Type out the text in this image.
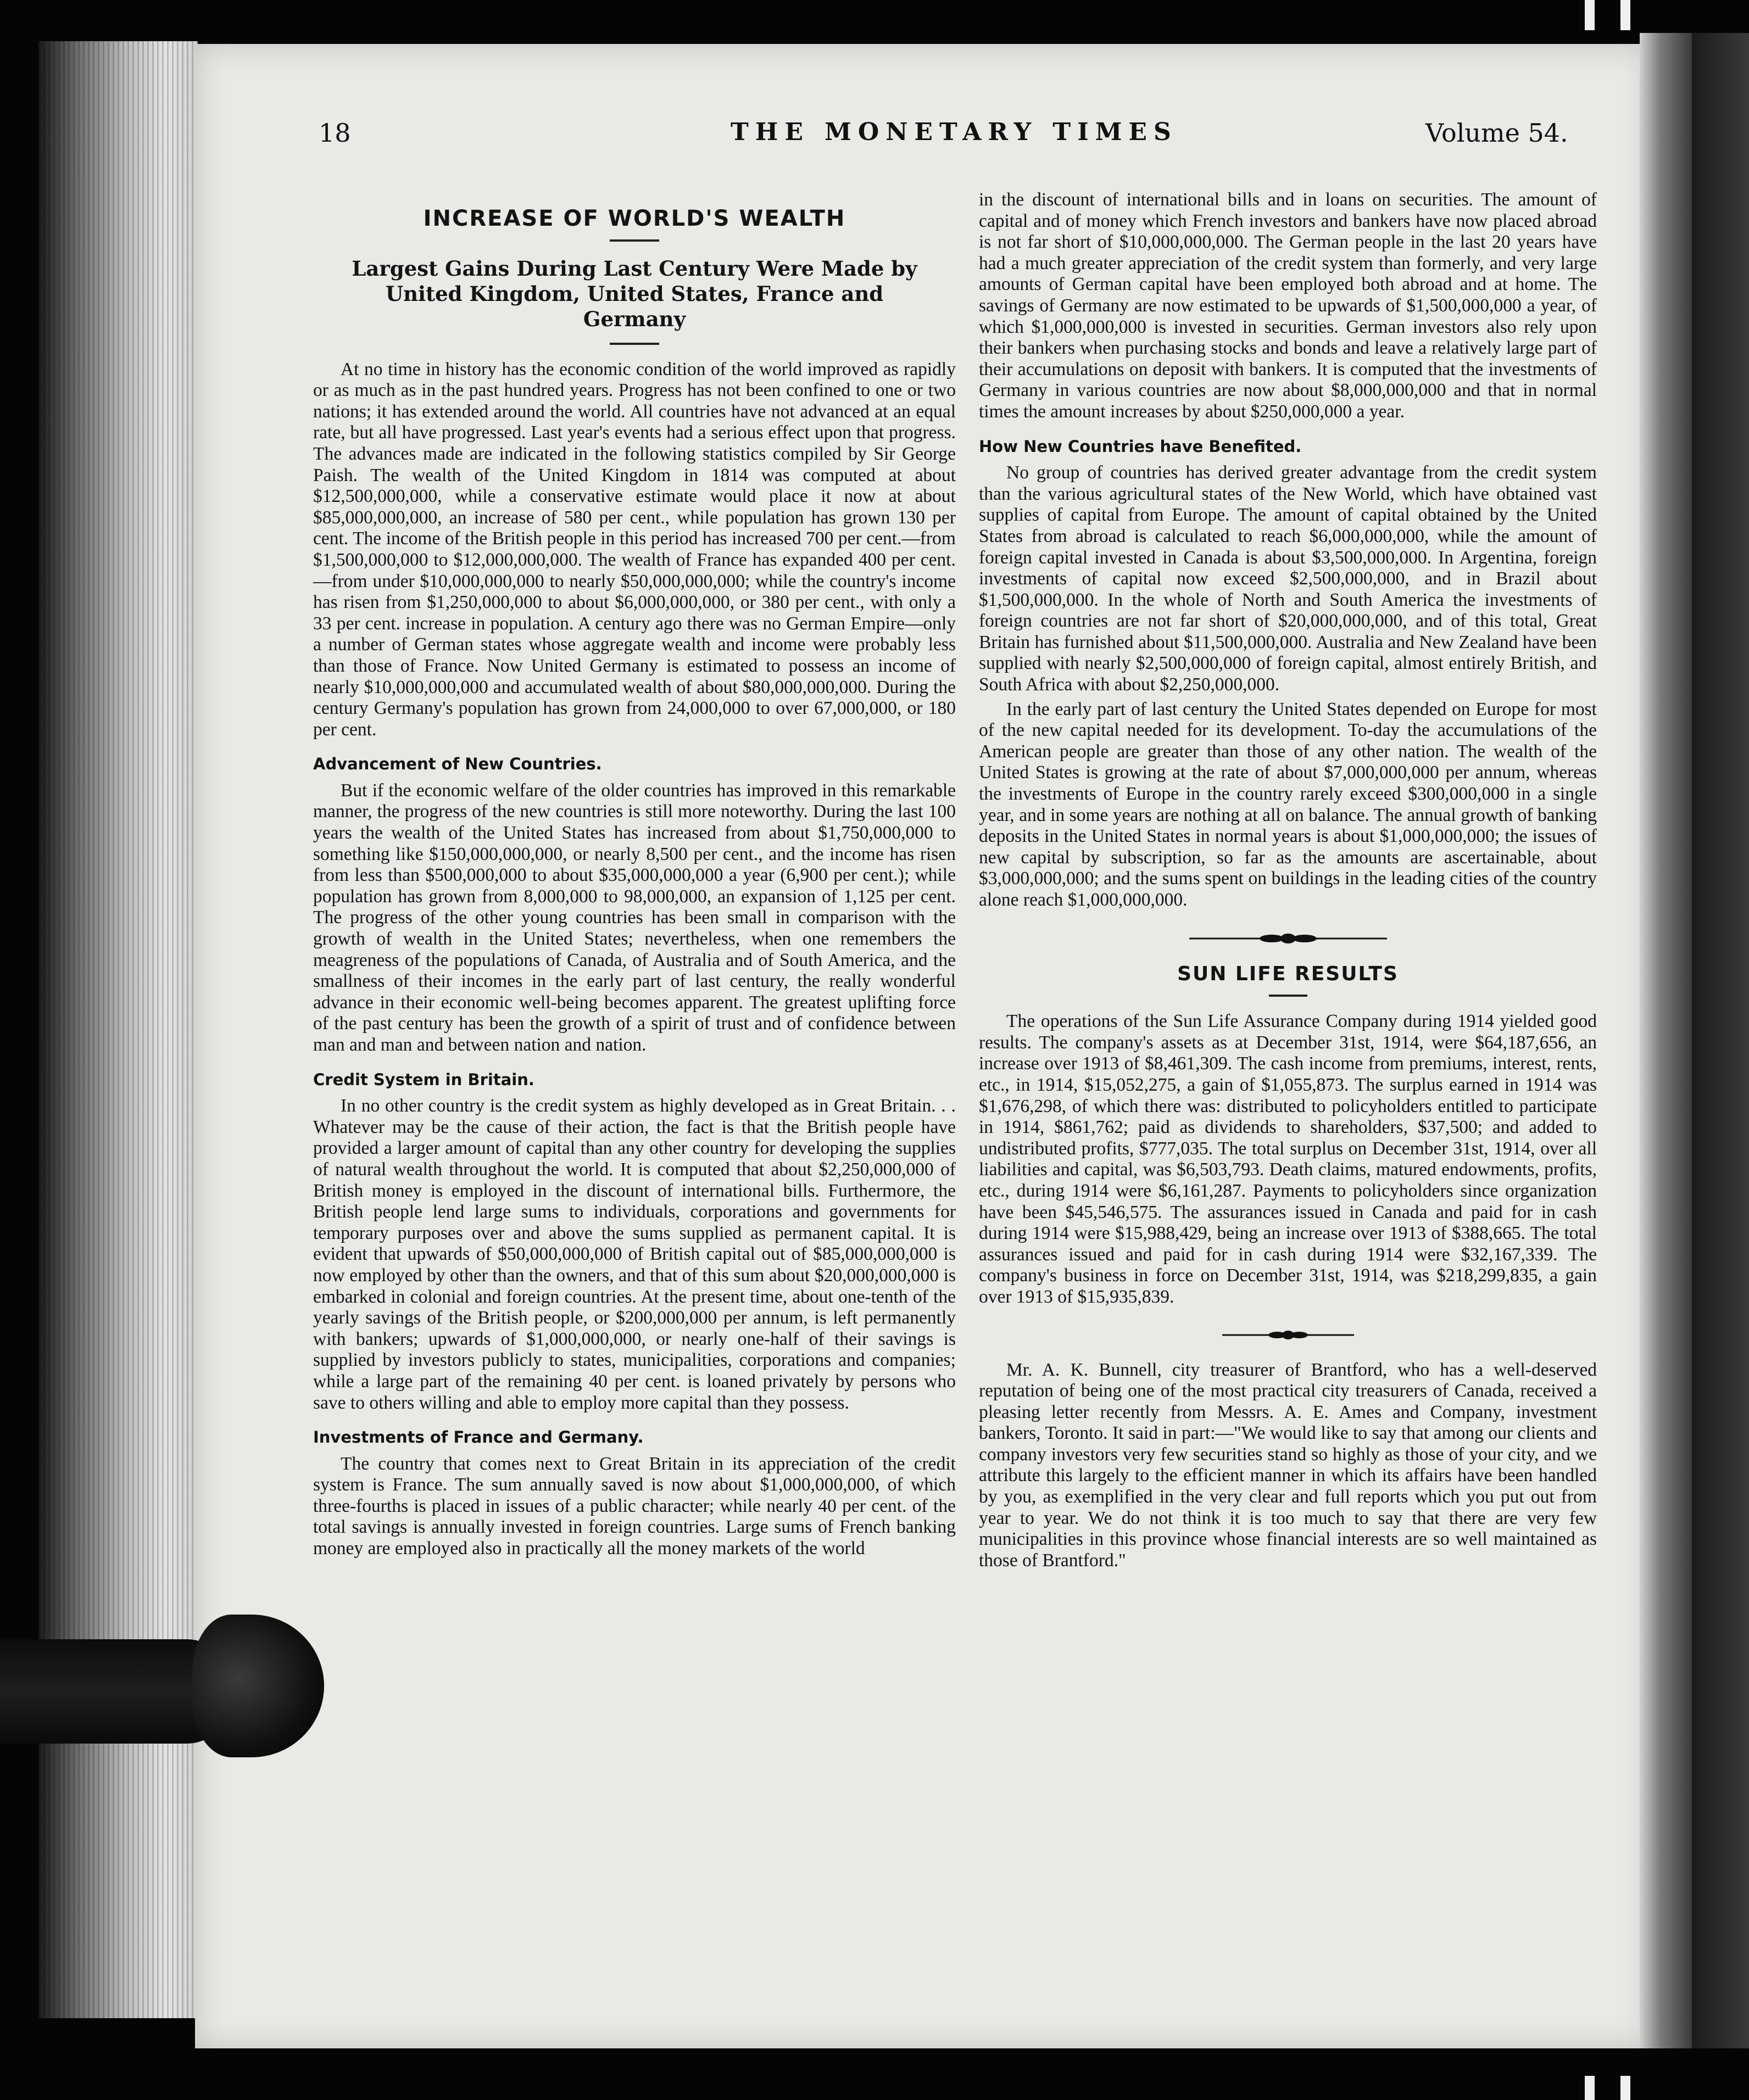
18	THE MONETARY TIMES	Volume 54.
INCREASE OF WORLD'S WEALTH
Largest Gains During Last Century Were Made by United Kingdom, United States, France and Germany

At no time in history has the economic condition of the world improved as rapidly or as much as in the past hundred years. Progress has not been confined to one or two nations; it has extended around the world. All countries have not advanced at an equal rate, but all have progressed. Last year's events had a serious effect upon that progress. The advances made are indicated in the following statistics compiled by Sir George Paish. The wealth of the United Kingdom in 1814 was computed at about $12,500,000,000, while a conservative estimate would place it now at about $85,000,000,000, an increase of 580 per cent., while population has grown 130 per cent. The income of the British people in this period has increased 700 per cent.—from $1,500,000,000 to $12,000,000,000. The wealth of France has expanded 400 per cent.—from under $10,000,000,000 to nearly $50,000,000,000; while the country's income has risen from $1,250,000,000 to about $6,000,000,000, or 380 per cent., with only a 33 per cent. increase in population. A century ago there was no German Empire—only a number of German states whose aggregate wealth and income were probably less than those of France. Now United Germany is estimated to possess an income of nearly $10,000,000,000 and accumulated wealth of about $80,000,000,000. During the century Germany's population has grown from 24,000,000 to over 67,000,000, or 180 per cent.

Advancement of New Countries.

But if the economic welfare of the older countries has improved in this remarkable manner, the progress of the new countries is still more noteworthy. During the last 100 years the wealth of the United States has increased from about $1,750,000,000 to something like $150,000,000,000, or nearly 8,500 per cent., and the income has risen from less than $500,000,000 to about $35,000,000,000 a year (6,900 per cent.); while population has grown from 8,000,000 to 98,000,000, an expansion of 1,125 per cent. The progress of the other young countries has been small in comparison with the growth of wealth in the United States; nevertheless, when one remembers the meagreness of the populations of Canada, of Australia and of South America, and the smallness of their incomes in the early part of last century, the really wonderful advance in their economic well-being becomes apparent. The greatest uplifting force of the past century has been the growth of a spirit of trust and of confidence between man and man and between nation and nation.

Credit System in Britain.

In no other country is the credit system as highly developed as in Great Britain. . . Whatever may be the cause of their action, the fact is that the British people have provided a larger amount of capital than any other country for developing the supplies of natural wealth throughout the world. It is computed that about $2,250,000,000 of British money is employed in the discount of international bills. Furthermore, the British people lend large sums to individuals, corporations and governments for temporary purposes over and above the sums supplied as permanent capital. It is evident that upwards of $50,000,000,000 of British capital out of $85,000,000,000 is now employed by other than the owners, and that of this sum about $20,000,000,000 is embarked in colonial and foreign countries. At the present time, about one-tenth of the yearly savings of the British people, or $200,000,000 per annum, is left permanently with bankers; upwards of $1,000,000,000, or nearly one-half of their savings is supplied by investors publicly to states, municipalities, corporations and companies; while a large part of the remaining 40 per cent. is loaned privately by persons who save to others willing and able to employ more capital than they possess.

Investments of France and Germany.

The country that comes next to Great Britain in its appreciation of the credit system is France. The sum annually saved is now about $1,000,000,000, of which three-fourths is placed in issues of a public character; while nearly 40 per cent. of the total savings is annually invested in foreign countries. Large sums of French banking money are employed also in practically all the money markets of the world

in the discount of international bills and in loans on securities. The amount of capital and of money which French investors and bankers have now placed abroad is not far short of $10,000,000,000. The German people in the last 20 years have had a much greater appreciation of the credit system than formerly, and very large amounts of German capital have been employed both abroad and at home. The savings of Germany are now estimated to be upwards of $1,500,000,000 a year, of which $1,000,000,000 is invested in securities. German investors also rely upon their bankers when purchasing stocks and bonds and leave a relatively large part of their accumulations on deposit with bankers. It is computed that the investments of Germany in various countries are now about $8,000,000,000 and that in normal times the amount increases by about $250,000,000 a year.

How New Countries have Benefited.

No group of countries has derived greater advantage from the credit system than the various agricultural states of the New World, which have obtained vast supplies of capital from Europe. The amount of capital obtained by the United States from abroad is calculated to reach $6,000,000,000, while the amount of foreign capital invested in Canada is about $3,500,000,000. In Argentina, foreign investments of capital now exceed $2,500,000,000, and in Brazil about $1,500,000,000. In the whole of North and South America the investments of foreign countries are not far short of $20,000,000,000, and of this total, Great Britain has furnished about $11,500,000,000. Australia and New Zealand have been supplied with nearly $2,500,000,000 of foreign capital, almost entirely British, and South Africa with about $2,250,000,000.

In the early part of last century the United States depended on Europe for most of the new capital needed for its development. To-day the accumulations of the American people are greater than those of any other nation. The wealth of the United States is growing at the rate of about $7,000,000,000 per annum, whereas the investments of Europe in the country rarely exceed $300,000,000 in a single year, and in some years are nothing at all on balance. The annual growth of banking deposits in the United States in normal years is about $1,000,000,000; the issues of new capital by subscription, so far as the amounts are ascertainable, about $3,000,000,000; and the sums spent on buildings in the leading cities of the country alone reach $1,000,000,000.

SUN LIFE RESULTS

The operations of the Sun Life Assurance Company during 1914 yielded good results. The company's assets as at December 31st, 1914, were $64,187,656, an increase over 1913 of $8,461,309. The cash income from premiums, interest, rents, etc., in 1914, $15,052,275, a gain of $1,055,873. The surplus earned in 1914 was $1,676,298, of which there was: distributed to policyholders entitled to participate in 1914, $861,762; paid as dividends to shareholders, $37,500; and added to undistributed profits, $777,035. The total surplus on December 31st, 1914, over all liabilities and capital, was $6,503,793. Death claims, matured endowments, profits, etc., during 1914 were $6,161,287. Payments to policyholders since organization have been $45,546,575. The assurances issued in Canada and paid for in cash during 1914 were $15,988,429, being an increase over 1913 of $388,665. The total assurances issued and paid for in cash during 1914 were $32,167,339. The company's business in force on December 31st, 1914, was $218,299,835, a gain over 1913 of $15,935,839.

Mr. A. K. Bunnell, city treasurer of Brantford, who has a well-deserved reputation of being one of the most practical city treasurers of Canada, received a pleasing letter recently from Messrs. A. E. Ames and Company, investment bankers, Toronto. It said in part:—"We would like to say that among our clients and company investors very few securities stand so highly as those of your city, and we attribute this largely to the efficient manner in which its affairs have been handled by you, as exemplified in the very clear and full reports which you put out from year to year. We do not think it is too much to say that there are very few municipalities in this province whose financial interests are so well maintained as those of Brantford."
